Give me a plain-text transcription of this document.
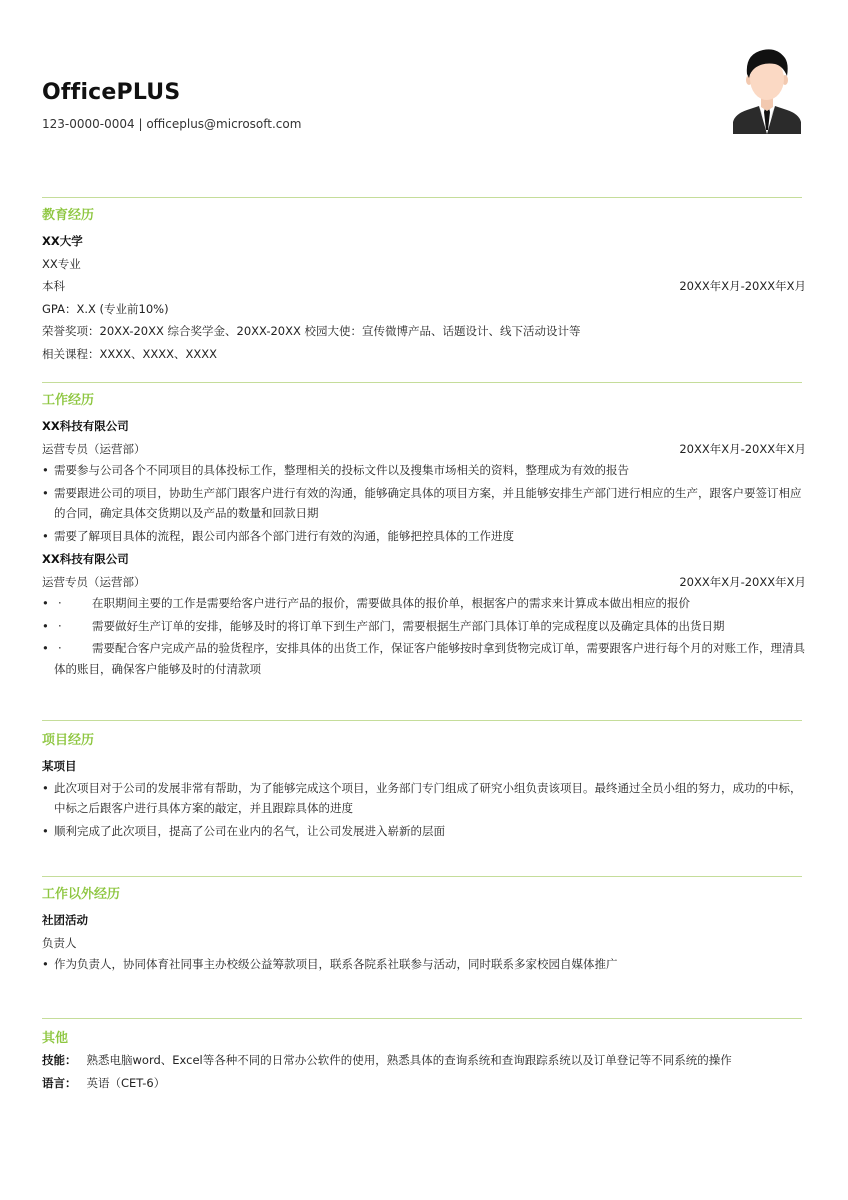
OfficePLUS
123-0000-0004 | officeplus@microsoft.com
教育经历
XX大学
XX专业
本科	20XX年X月-20XX年X月
GPA：X.X (专业前10%)
荣誉奖项：20XX-20XX 综合奖学金、20XX-20XX 校园大使：宣传微博产品、话题设计、线下活动设计等
相关课程：XXXX、XXXX、XXXX
工作经历
XX科技有限公司
运营专员（运营部）	20XX年X月-20XX年X月
• 需要参与公司各个不同项目的具体投标工作，整理相关的投标文件以及搜集市场相关的资料，整理成为有效的报告
• 需要跟进公司的项目，协助生产部门跟客户进行有效的沟通，能够确定具体的项目方案，并且能够安排生产部门进行相应的生产，跟客户要签订相应的合同，确定具体交货期以及产品的数量和回款日期
• 需要了解项目具体的流程，跟公司内部各个部门进行有效的沟通，能够把控具体的工作进度
XX科技有限公司
运营专员（运营部）	20XX年X月-20XX年X月
• ·	在职期间主要的工作是需要给客户进行产品的报价，需要做具体的报价单，根据客户的需求来计算成本做出相应的报价
• ·	需要做好生产订单的安排，能够及时的将订单下到生产部门，需要根据生产部门具体订单的完成程度以及确定具体的出货日期
• ·	需要配合客户完成产品的验货程序，安排具体的出货工作，保证客户能够按时拿到货物完成订单，需要跟客户进行每个月的对账工作，理清具体的账目，确保客户能够及时的付清款项
项目经历
某项目
• 此次项目对于公司的发展非常有帮助，为了能够完成这个项目，业务部门专门组成了研究小组负责该项目。最终通过全员小组的努力，成功的中标，中标之后跟客户进行具体方案的敲定，并且跟踪具体的进度
• 顺利完成了此次项目，提高了公司在业内的名气，让公司发展进入崭新的层面
工作以外经历
社团活动
负责人
• 作为负责人，协同体育社同事主办校级公益筹款项目，联系各院系社联参与活动，同时联系多家校园自媒体推广
其他
技能： 熟悉电脑word、Excel等各种不同的日常办公软件的使用，熟悉具体的查询系统和查询跟踪系统以及订单登记等不同系统的操作
语言： 英语（CET-6）
